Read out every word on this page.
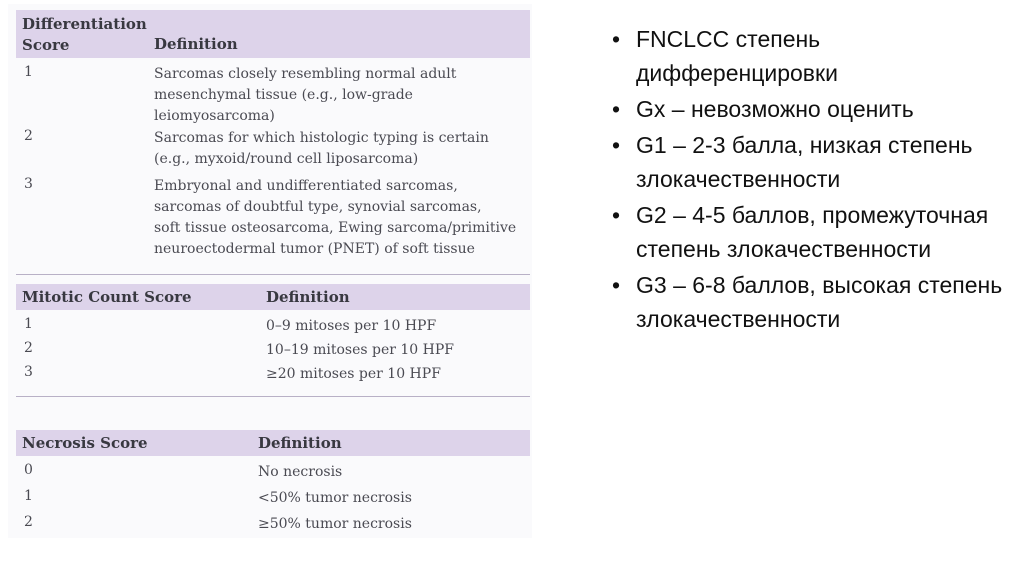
Differentiation
Score	Definition
1	Sarcomas closely resembling normal adult
mesenchymal tissue (e.g., low-grade
leiomyosarcoma)
2	Sarcomas for which histologic typing is certain
(e.g., myxoid/round cell liposarcoma)
3	Embryonal and undifferentiated sarcomas,
sarcomas of doubtful type, synovial sarcomas,
soft tissue osteosarcoma, Ewing sarcoma/primitive
neuroectodermal tumor (PNET) of soft tissue
Mitotic Count Score	Definition
1	0–9 mitoses per 10 HPF
2	10–19 mitoses per 10 HPF
3	≥20 mitoses per 10 HPF
Necrosis Score	Definition
0	No necrosis
1	<50% tumor necrosis
2	≥50% tumor necrosis
• FNCLCC степень дифференцировки
• Gx – невозможно оценить
• G1 – 2-3 балла, низкая степень злокачественности
• G2 – 4-5 баллов, промежуточная степень злокачественности
• G3 – 6-8 баллов, высокая степень злокачественности
